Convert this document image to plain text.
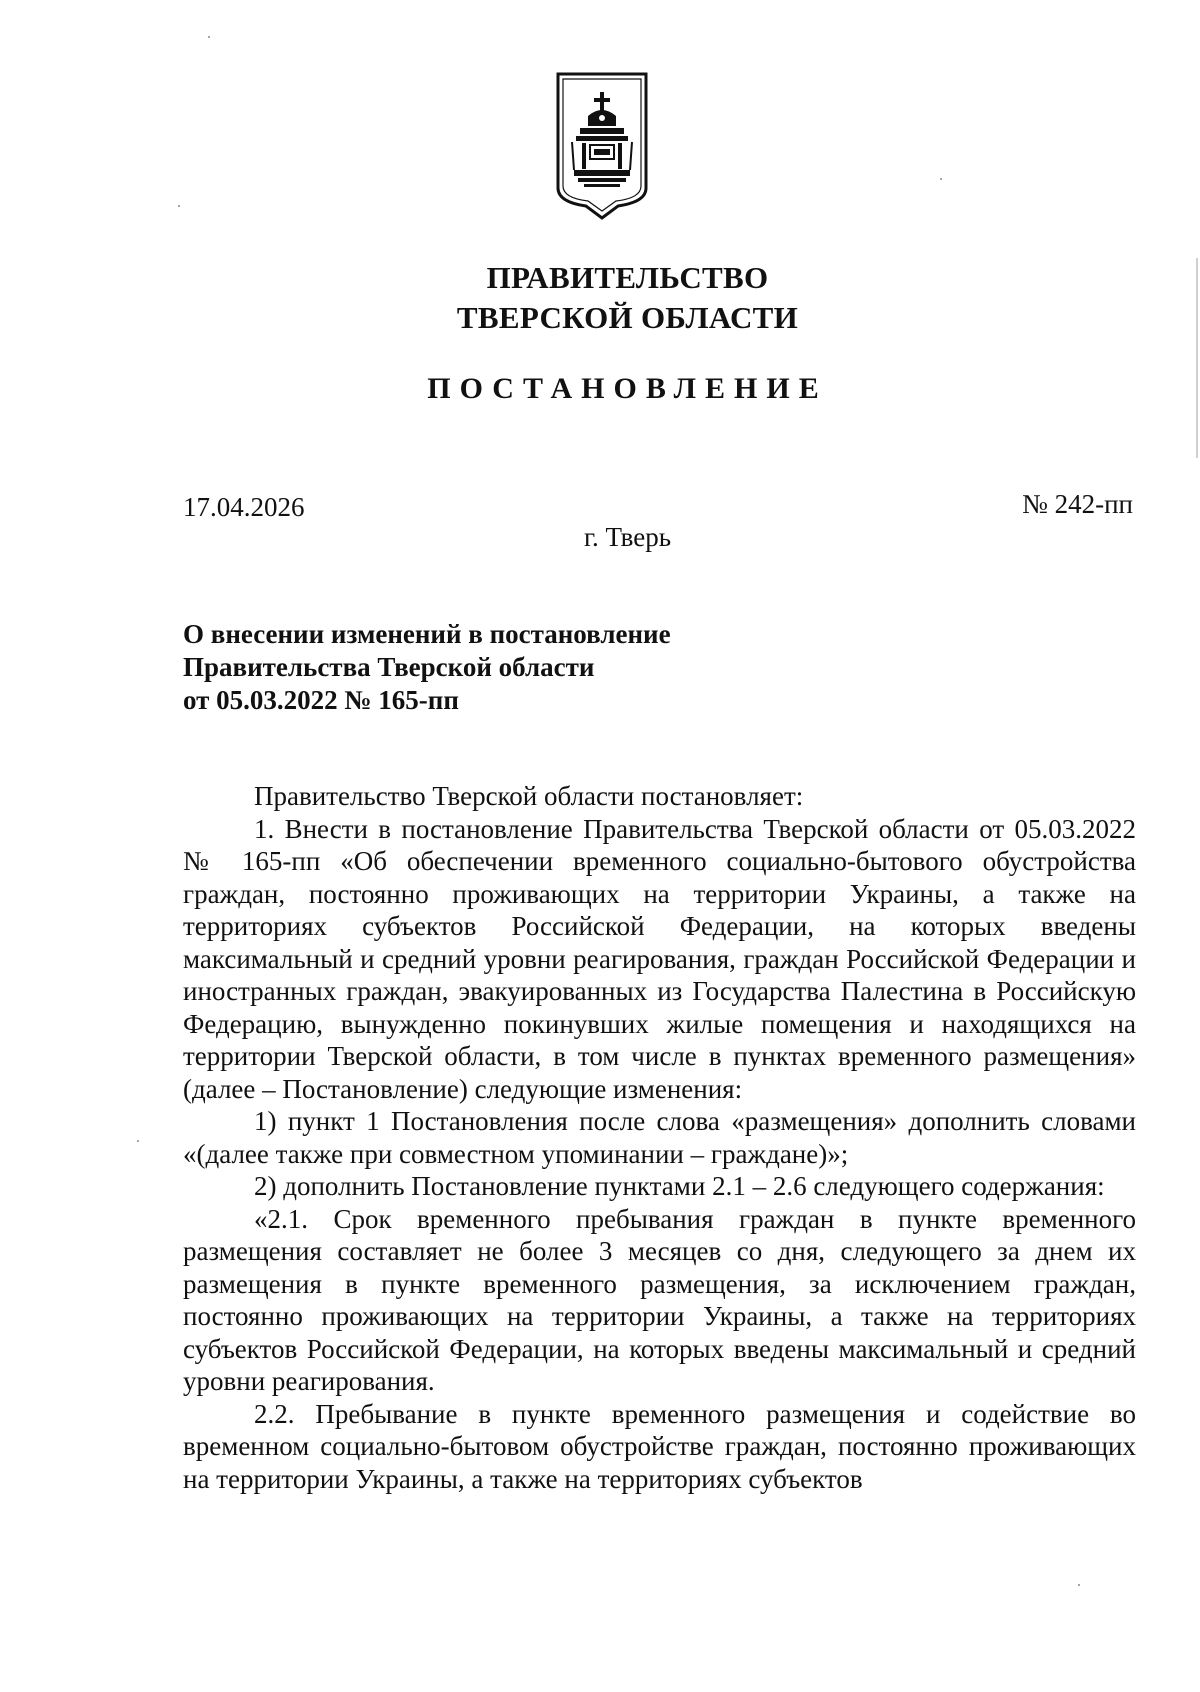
ПРАВИТЕЛЬСТВО
ТВЕРСКОЙ ОБЛАСТИ
ПОСТАНОВЛЕНИЕ
17.04.2026	№ 242-пп
г. Тверь
О внесении изменений в постановление
Правительства Тверской области
от 05.03.2022 № 165-пп

Правительство Тверской области постановляет:

1. Внести в постановление Правительства Тверской области от 05.03.2022 № 165-пп «Об обеспечении временного социально-бытового обустройства граждан, постоянно проживающих на территории Украины, а также на территориях субъектов Российской Федерации, на которых введены максимальный и средний уровни реагирования, граждан Российской Федерации и иностранных граждан, эвакуированных из Государства Палестина в Российскую Федерацию, вынужденно покинувших жилые помещения и находящихся на территории Тверской области, в том числе в пунктах временного размещения» (далее – Постановление) следующие изменения:

1) пункт 1 Постановления после слова «размещения» дополнить словами «(далее также при совместном упоминании – граждане)»;

2) дополнить Постановление пунктами 2.1 – 2.6 следующего содержания:

«2.1. Срок временного пребывания граждан в пункте временного размещения составляет не более 3 месяцев со дня, следующего за днем их размещения в пункте временного размещения, за исключением граждан, постоянно проживающих на территории Украины, а также на территориях субъектов Российской Федерации, на которых введены максимальный и средний уровни реагирования.

2.2. Пребывание в пункте временного размещения и содействие во временном социально-бытовом обустройстве граждан, постоянно проживающих на территории Украины, а также на территориях субъектов
